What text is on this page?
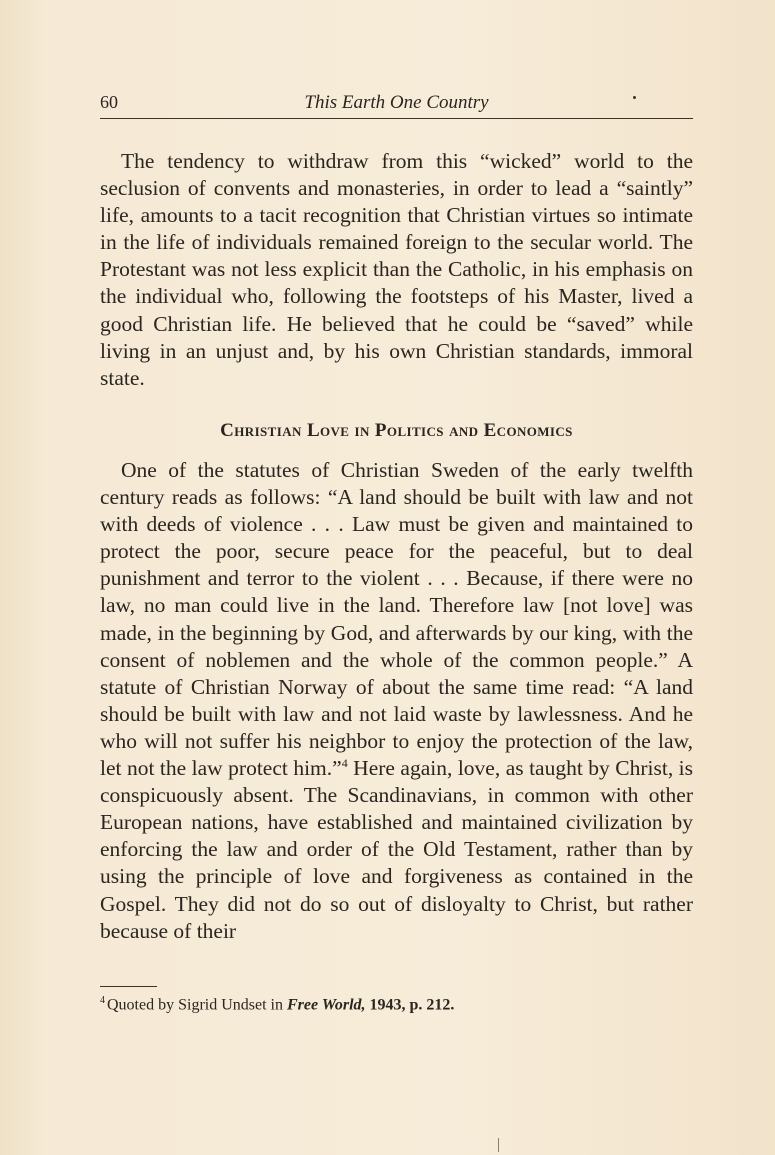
60	This Earth One Country

The tendency to withdraw from this “wicked” world to the seclusion of convents and monasteries, in order to lead a “saintly” life, amounts to a tacit recognition that Christian virtues so intimate in the life of individuals remained foreign to the secular world. The Protestant was not less explicit than the Catholic, in his emphasis on the individual who, following the footsteps of his Master, lived a good Christian life. He believed that he could be “saved” while living in an unjust and, by his own Christian standards, immoral state.

Christian Love in Politics and Economics

One of the statutes of Christian Sweden of the early twelfth century reads as follows: “A land should be built with law and not with deeds of violence . . . Law must be given and maintained to protect the poor, secure peace for the peaceful, but to deal punishment and terror to the violent . . . Because, if there were no law, no man could live in the land. Therefore law [not love] was made, in the beginning by God, and afterwards by our king, with the consent of noblemen and the whole of the common people.” A statute of Christian Norway of about the same time read: “A land should be built with law and not laid waste by lawlessness. And he who will not suffer his neighbor to enjoy the protection of the law, let not the law protect him.”$^4$ Here again, love, as taught by Christ, is conspicuously absent. The Scandinavians, in common with other European nations, have established and maintained civilization by enforcing the law and order of the Old Testament, rather than by using the principle of love and forgiveness as contained in the Gospel. They did not do so out of disloyalty to Christ, but rather because of their

$^4$ Quoted by Sigrid Undset in Free World, 1943, p. 212.
